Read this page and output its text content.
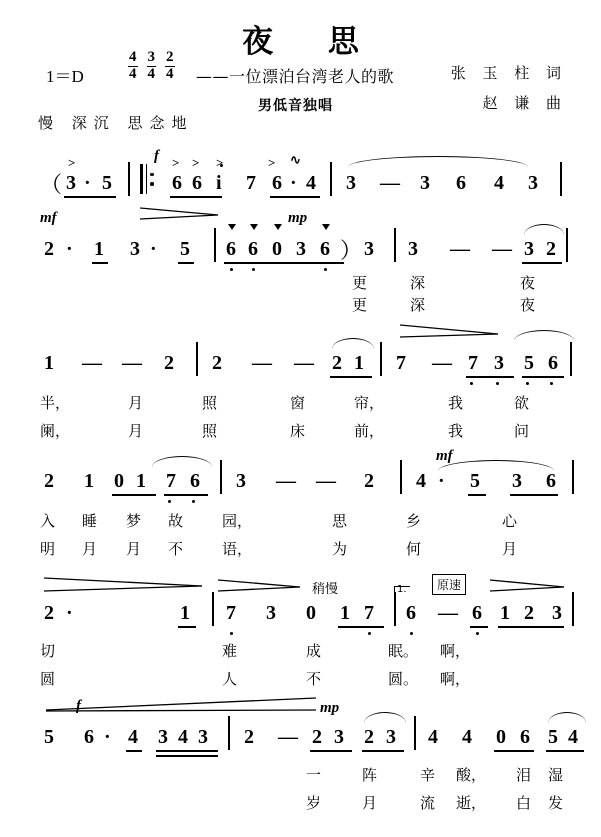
夜 思
1＝D
4
4
3
4
2
4 ——一位漂泊台湾老人的歌
男低音独唱
张 玉 柱 词
赵 谦 曲
慢 深沉 思念地
（ 3 · 5
>	f
6 6 i 7 6 · 4
> > >	> ∿
3 — 3 6 4 3
mf	mp
2 · 1 3 · 5 6 6 0 3 6 ） 3 3 — — 3 2
更	深	夜
更	深	夜
1 — — 2 2 — — 2 1 7 — 7 3 5 6
半，	月	照	窗	帘，	我	欲
阑，	月	照	床	前，	我	问
mf
2 1 0 1 7 6 3 — — 2 4 · 5 3 6
入 睡 梦 故	园，	思	乡	心
明 月 月 不	语，	为	何	月
稍慢	原速
2 ·	1 7 3 0 1 7
1.
6 — 6 1 2 3
切	难	成	眠。 啊，
圆	人	不	圆。 啊，
f	mp
5 6 · 4 3 4 3 2 — 2 3 2 3 4 4 0 6 5 4
一	阵	辛 酸， 泪 湿
岁	月	流 逝， 白 发
